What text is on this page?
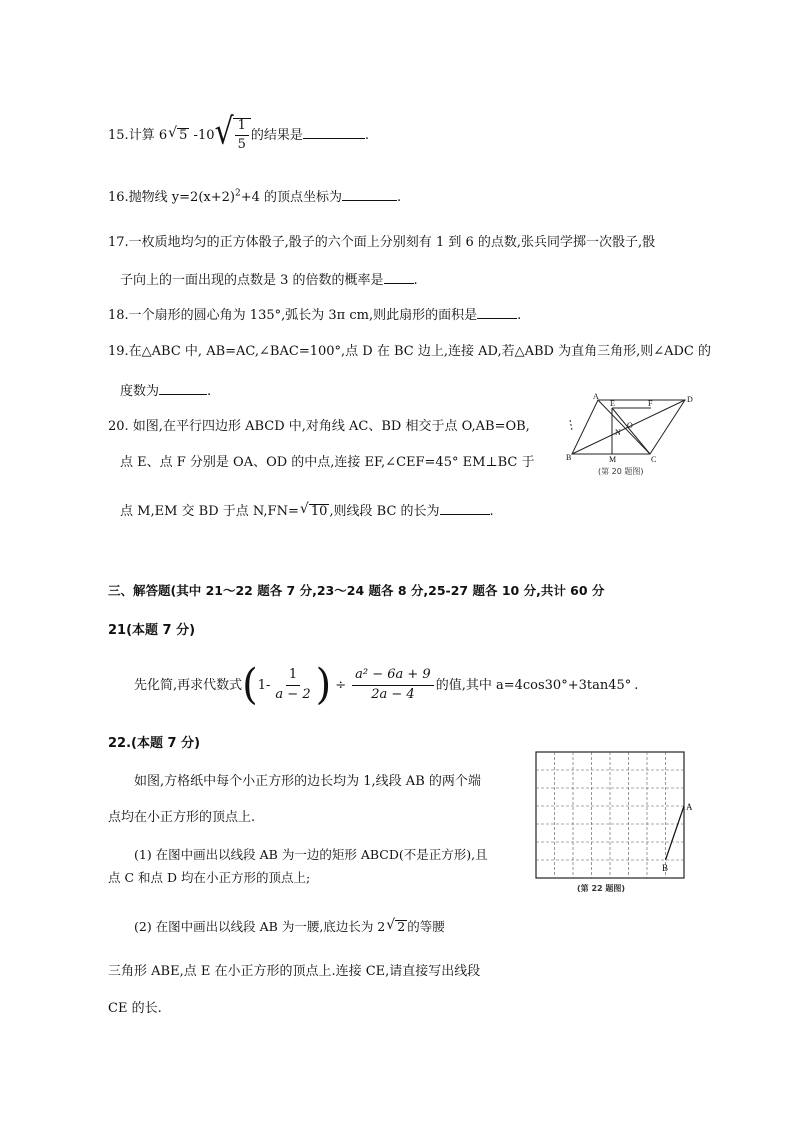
15.计算 6 √ 5 -10 √ $\frac{1}{5}$ 的结果是	.
16.抛物线 $y=2(x+2)^2+4$ 的顶点坐标为	.
17.一枚质地均匀的正方体骰子,骰子的六个面上分别刻有 1 到 6 的点数,张兵同学掷一次骰子,骰
子向上的一面出现的点数是 3 的倍数的概率是 .
18.一个扇形的圆心角为 135°,弧长为 3π cm,则此扇形的面积是	.
19.在△ABC 中, AB=AC,∠BAC=100°,点 D 在 BC 边上,连接 AD,若△ABD 为直角三角形,则∠ADC 的
度数为	.
20. 如图,在平行四边形 ABCD 中,对角线 AC、BD 相交于点 O,AB=OB,
点 E、点 F 分别是 OA、OD 的中点,连接 EF,∠CEF=45° EM⊥BC 于
点 M,EM 交 BD 于点 N,FN= √ 10 ,则线段 BC 的长为	.
A
E	F	D
N
O
B	M	C
(第 20 题图)
三、解答题(其中 21～22 题各 7 分,23～24 题各 8 分,25-27 题各 10 分,共计 60 分
21(本题 7 分)
先化简,再求代数式 ( $1- \frac{1}{a - 2}$ ) ÷ $\frac{\text{a² − 6a + 9}}{2a - 4}$ 的值,其中 a=4cos30°+3tan45° .
22.(本题 7 分)
如图,方格纸中每个小正方形的边长均为 1,线段 AB 的两个端
点均在小正方形的顶点上.
(1) 在图中画出以线段 AB 为一边的矩形 ABCD(不是正方形),且
点 C 和点 D 均在小正方形的顶点上;
(2) 在图中画出以线段 AB 为一腰,底边长为 2 √ 2 的等腰
三角形 ABE,点 E 在小正方形的顶点上.连接 CE,请直接写出线段
CE 的长.
A
B
(第 22 题图)
